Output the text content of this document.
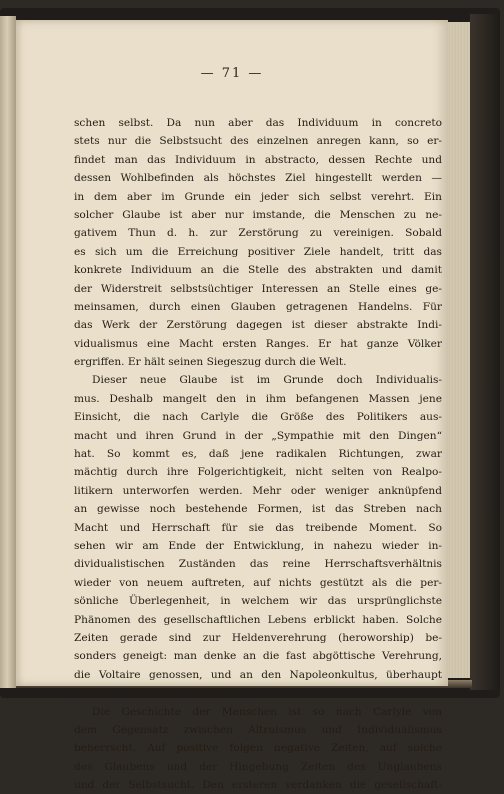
— 71 —
schen selbst. Da nun aber das Individuum in concreto
stets nur die Selbstsucht des einzelnen anregen kann, so er-
findet man das Individuum in abstracto, dessen Rechte und
dessen Wohlbefinden als höchstes Ziel hingestellt werden —
in dem aber im Grunde ein jeder sich selbst verehrt. Ein
solcher Glaube ist aber nur imstande, die Menschen zu ne-
gativem Thun d. h. zur Zerstörung zu vereinigen. Sobald
es sich um die Erreichung positiver Ziele handelt, tritt das
konkrete Individuum an die Stelle des abstrakten und damit
der Widerstreit selbstsüchtiger Interessen an Stelle eines ge-
meinsamen, durch einen Glauben getragenen Handelns. Für
das Werk der Zerstörung dagegen ist dieser abstrakte Indi-
vidualismus eine Macht ersten Ranges. Er hat ganze Völker
ergriffen. Er hält seinen Siegeszug durch die Welt.
Dieser neue Glaube ist im Grunde doch Individualis-
mus. Deshalb mangelt den in ihm befangenen Massen jene
Einsicht, die nach Carlyle die Größe des Politikers aus-
macht und ihren Grund in der „Sympathie mit den Dingen“
hat. So kommt es, daß jene radikalen Richtungen, zwar
mächtig durch ihre Folgerichtigkeit, nicht selten von Realpo-
litikern unterworfen werden. Mehr oder weniger anknüpfend
an gewisse noch bestehende Formen, ist das Streben nach
Macht und Herrschaft für sie das treibende Moment. So
sehen wir am Ende der Entwicklung, in nahezu wieder in-
dividualistischen Zuständen das reine Herrschaftsverhältnis
wieder von neuem auftreten, auf nichts gestützt als die per-
sönliche Überlegenheit, in welchem wir das ursprünglichste
Phänomen des gesellschaftlichen Lebens erblickt haben. Solche
Zeiten gerade sind zur Heldenverehrung (heroworship) be-
sonders geneigt: man denke an die fast abgöttische Verehrung,
die Voltaire genossen, und an den Napoleonkultus, überhaupt
den Cäsarismus der Demokratie. —
Die Geschichte der Menschen ist so nach Carlyle von
dem Gegensatz zwischen Altruismus und Individualismus
beherrscht. Auf positive folgen negative Zeiten, auf solche
des Glaubens und der Hingebung Zeiten des Unglaubens
und der Selbstsucht. Den ersteren verdanken die gesellschaft-
